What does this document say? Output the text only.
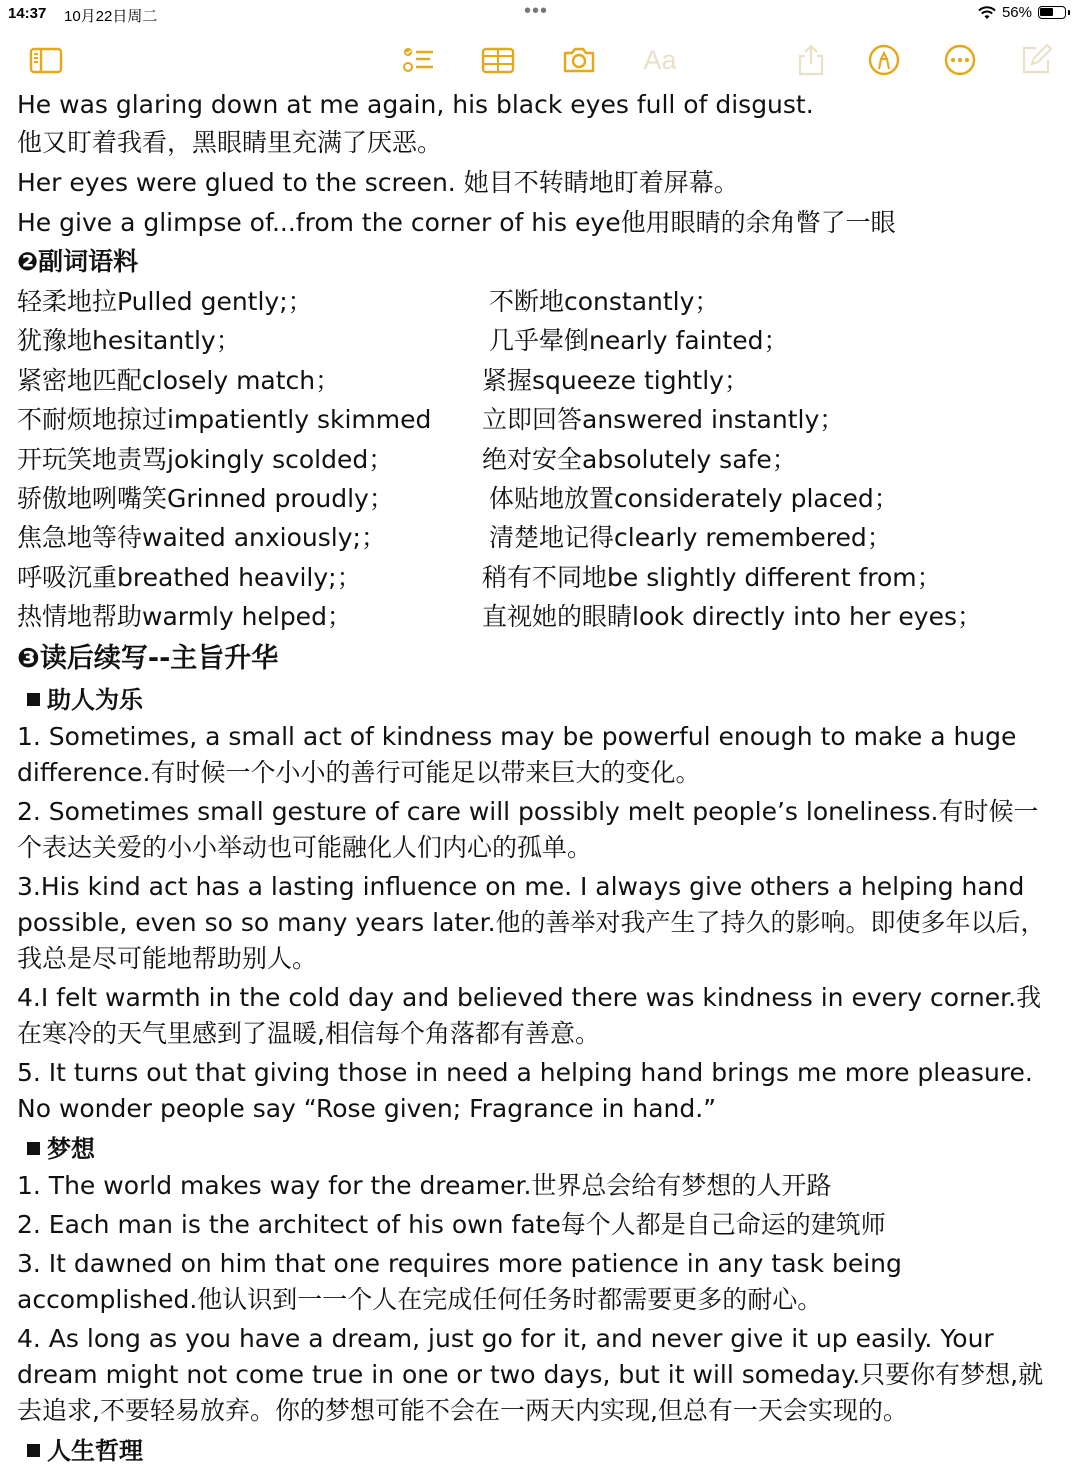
14:37 10月22日周二	•••	56%
Aa
He was glaring down at me again, his black eyes full of disgust.
他又盯着我看，黑眼睛里充满了厌恶。
Her eyes were glued to the screen. 她目不转睛地盯着屏幕。
He give a glimpse of...from the corner of his eye他用眼睛的余角瞥了一眼
❷副词语料
轻柔地拉Pulled gently;；	不断地constantly；
犹豫地hesitantly；	几乎晕倒nearly fainted；
紧密地匹配closely match；	紧握squeeze tightly；
不耐烦地掠过impatiently skimmed 立即回答answered instantly；
开玩笑地责骂jokingly scolded；	绝对安全absolutely safe；
骄傲地咧嘴笑Grinned proudly；	体贴地放置considerately placed；
焦急地等待waited anxiously;；	清楚地记得clearly remembered；
呼吸沉重breathed heavily;；	稍有不同地be slightly different from；
热情地帮助warmly helped；	直视她的眼睛look directly into her eyes；
❸读后续写--主旨升华
助人为乐
1. Sometimes, a small act of kindness may be powerful enough to make a huge difference.有时候一个小小的善行可能足以带来巨大的变化。
2. Sometimes small gesture of care will possibly melt people’s loneliness.有时候一个表达关爱的小小举动也可能融化人们内心的孤单。
3.His kind act has a lasting influence on me. I always give others a helping hand possible, even so so many years later.他的善举对我产生了持久的影响。即使多年以后，我总是尽可能地帮助别人。
4.I felt warmth in the cold day and believed there was kindness in every corner.我在寒冷的天气里感到了温暖,相信每个角落都有善意。
5. It turns out that giving those in need a helping hand brings me more pleasure. No wonder people say “Rose given; Fragrance in hand.”
梦想
1. The world makes way for the dreamer.世界总会给有梦想的人开路
2. Each man is the architect of his own fate每个人都是自己命运的建筑师
3. It dawned on him that one requires more patience in any task being accomplished.他认识到一一个人在完成任何任务时都需要更多的耐心。
4. As long as you have a dream, just go for it, and never give it up easily. Your dream might not come true in one or two days, but it will someday.只要你有梦想,就去追求,不要轻易放弃。你的梦想可能不会在一两天内实现,但总有一天会实现的。
人生哲理
